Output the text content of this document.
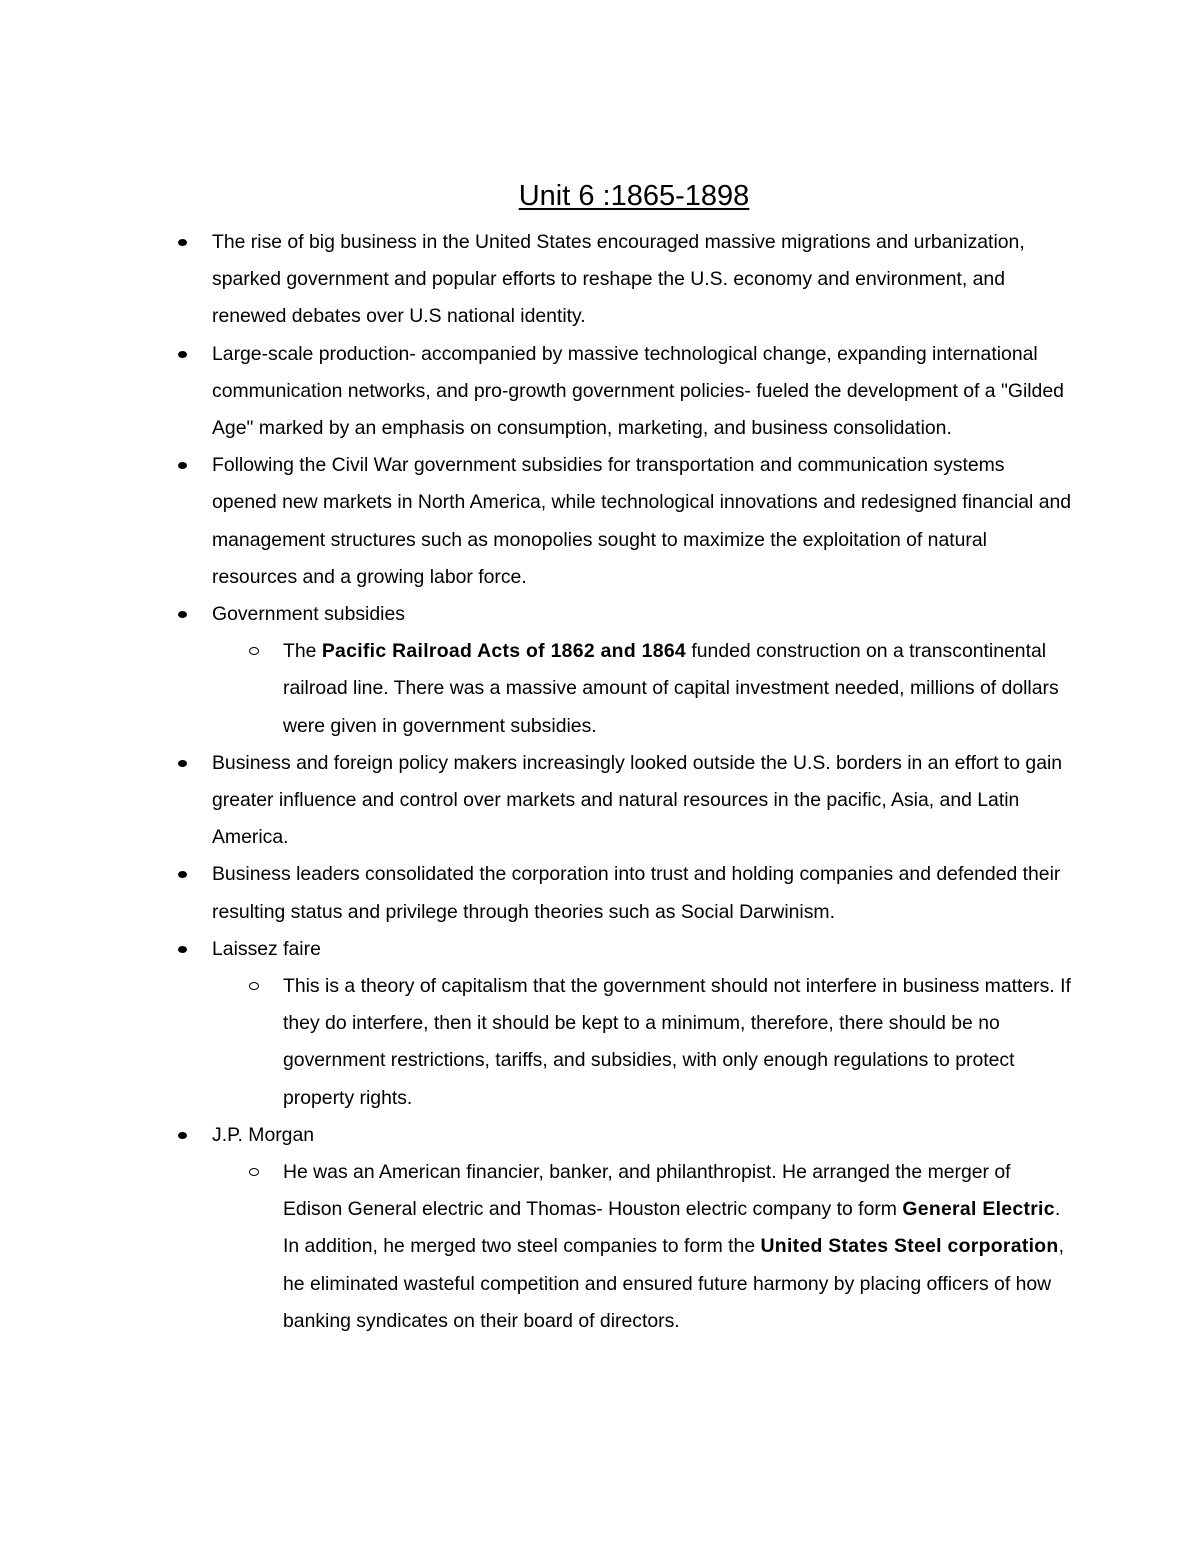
Unit 6 :1865-1898
The rise of big business in the United States encouraged massive migrations and urbanization, sparked government and popular efforts to reshape the U.S. economy and environment, and renewed debates over U.S national identity.
Large-scale production- accompanied by massive technological change, expanding international communication networks, and pro-growth government policies- fueled the development of a "Gilded Age" marked by an emphasis on consumption, marketing, and business consolidation.
Following the Civil War government subsidies for transportation and communication systems opened new markets in North America, while technological innovations and redesigned financial and management structures such as monopolies sought to maximize the exploitation of natural resources and a growing labor force.
Government subsidies
The Pacific Railroad Acts of 1862 and 1864 funded construction on a transcontinental railroad line. There was a massive amount of capital investment needed, millions of dollars were given in government subsidies.
Business and foreign policy makers increasingly looked outside the U.S. borders in an effort to gain greater influence and control over markets and natural resources in the pacific, Asia, and Latin America.
Business leaders consolidated the corporation into trust and holding companies and defended their resulting status and privilege through theories such as Social Darwinism.
Laissez faire
This is a theory of capitalism that the government should not interfere in business matters. If they do interfere, then it should be kept to a minimum, therefore, there should be no government restrictions, tariffs, and subsidies, with only enough regulations to protect property rights.
J.P. Morgan
He was an American financier, banker, and philanthropist. He arranged the merger of Edison General electric and Thomas- Houston electric company to form General Electric. In addition, he merged two steel companies to form the United States Steel corporation, he eliminated wasteful competition and ensured future harmony by placing officers of how banking syndicates on their board of directors.
